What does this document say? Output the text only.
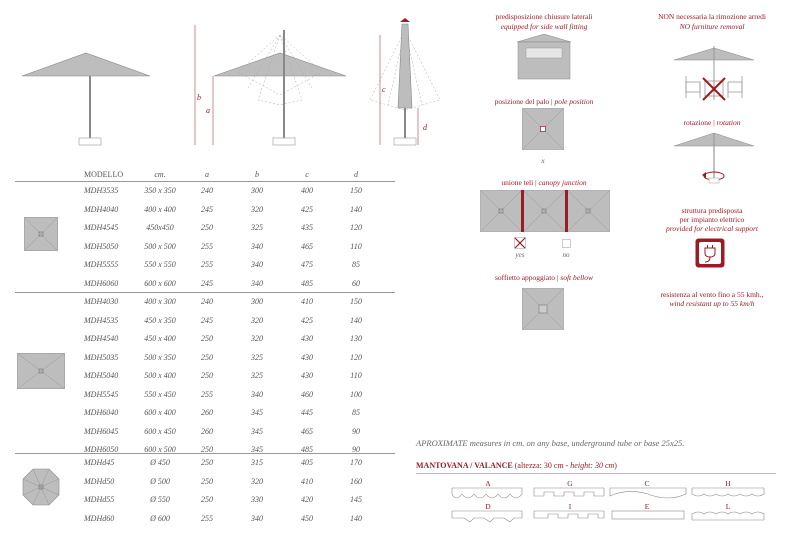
b
a
c
d
MODELLO	cm.	a	b	c	d
MDH3535	350 x 350	240	300	400	150
MDH4040	400 x 400	245	320	425	140
MDH4545	450x450	250	325	435	120
MDH5050	500 x 500	255	340	465	110
MDH5555	550 x 550	255	340	475	85
MDH6060	600 x 600	245	340	485	60
MDH4030	400 x 300	240	300	410	150
MDH4535	450 x 350	245	320	425	140
MDH4540	450 x 400	250	320	430	130
MDH5035	500 x 350	250	325	430	120
MDH5040	500 x 400	250	325	430	110
MDH5545	550 x 450	255	340	460	100
MDH6040	600 x 400	260	345	445	85
MDH6045	600 x 450	260	345	465	90
MDH6050	600 x 500	250	345	485	90
MDHd45	Ø 450	250	315	405	170
MDHd50	Ø 500	250	320	410	160
MDHd55	Ø 550	250	330	420	145
MDHd60	Ø 600	255	340	450	140
predisposizione chiusure laterali
equipped for side wall fitting
posizione del palo | pole position
x
unione teli | canopy junction
yes	no
soffietto appoggiato | soft bellow
NON necessaria la rimozione arredi
NO furniture removal
rotazione | rotation
struttura predisposta
per impianto elettrico
provided for electrical support
resistenza al vento fino a 55 kmh.,
wind resistant up to 55 km/h
APROXIMATE measures in cm. on any base, underground tube or base 25x25.
MANTOVANA / VALANCE (altezza: 30 cm - height: 30 cm)
A	G	C	H
D	I	E	L
